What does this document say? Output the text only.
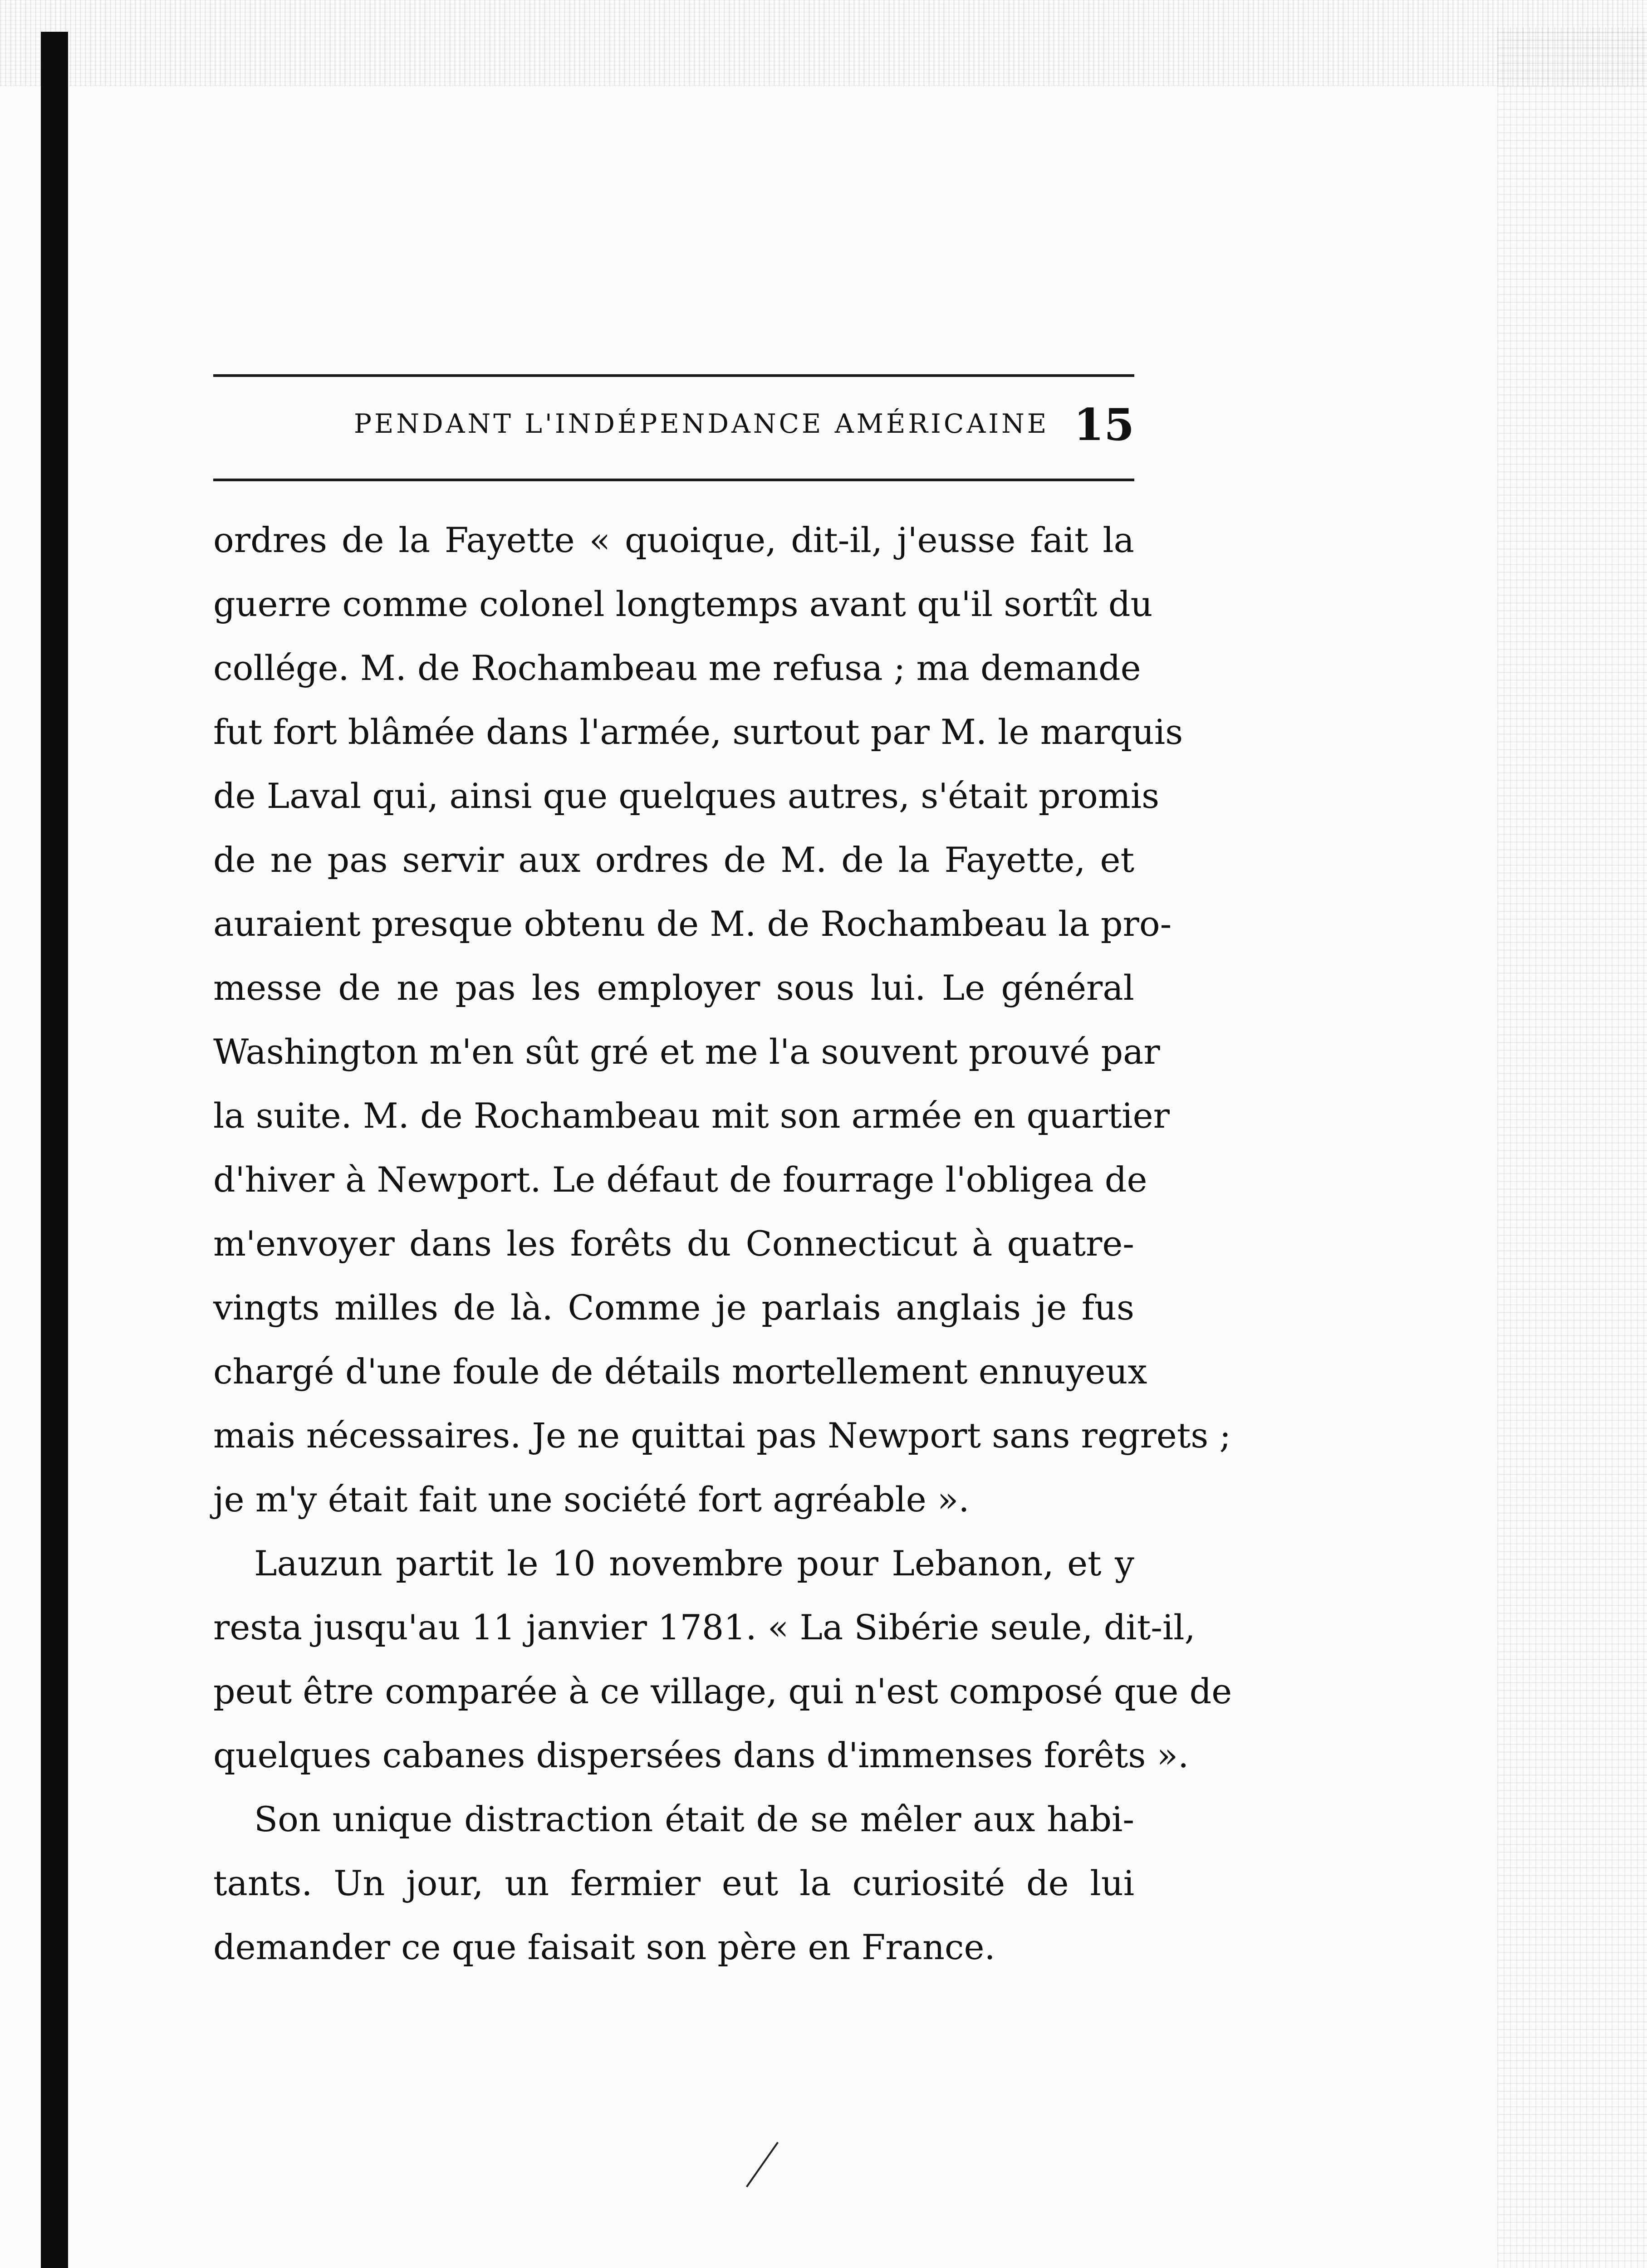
PENDANT L'INDÉPENDANCE AMÉRICAINE 15
ordres de la Fayette « quoique, dit-il, j'eusse fait la
guerre comme colonel longtemps avant qu'il sortît du
collége. M. de Rochambeau me refusa ; ma demande
fut fort blâmée dans l'armée, surtout par M. le marquis
de Laval qui, ainsi que quelques autres, s'était promis
de ne pas servir aux ordres de M. de la Fayette, et
auraient presque obtenu de M. de Rochambeau la pro-
messe de ne pas les employer sous lui. Le général
Washington m'en sût gré et me l'a souvent prouvé par
la suite. M. de Rochambeau mit son armée en quartier
d'hiver à Newport. Le défaut de fourrage l'obligea de
m'envoyer dans les forêts du Connecticut à quatre-
vingts milles de là. Comme je parlais anglais je fus
chargé d'une foule de détails mortellement ennuyeux
mais nécessaires. Je ne quittai pas Newport sans regrets ;
je m'y était fait une société fort agréable ».
Lauzun partit le 10 novembre pour Lebanon, et y
resta jusqu'au 11 janvier 1781. « La Sibérie seule, dit-il,
peut être comparée à ce village, qui n'est composé que de
quelques cabanes dispersées dans d'immenses forêts ».
Son unique distraction était de se mêler aux habi-
tants. Un jour, un fermier eut la curiosité de lui
demander ce que faisait son père en France.
